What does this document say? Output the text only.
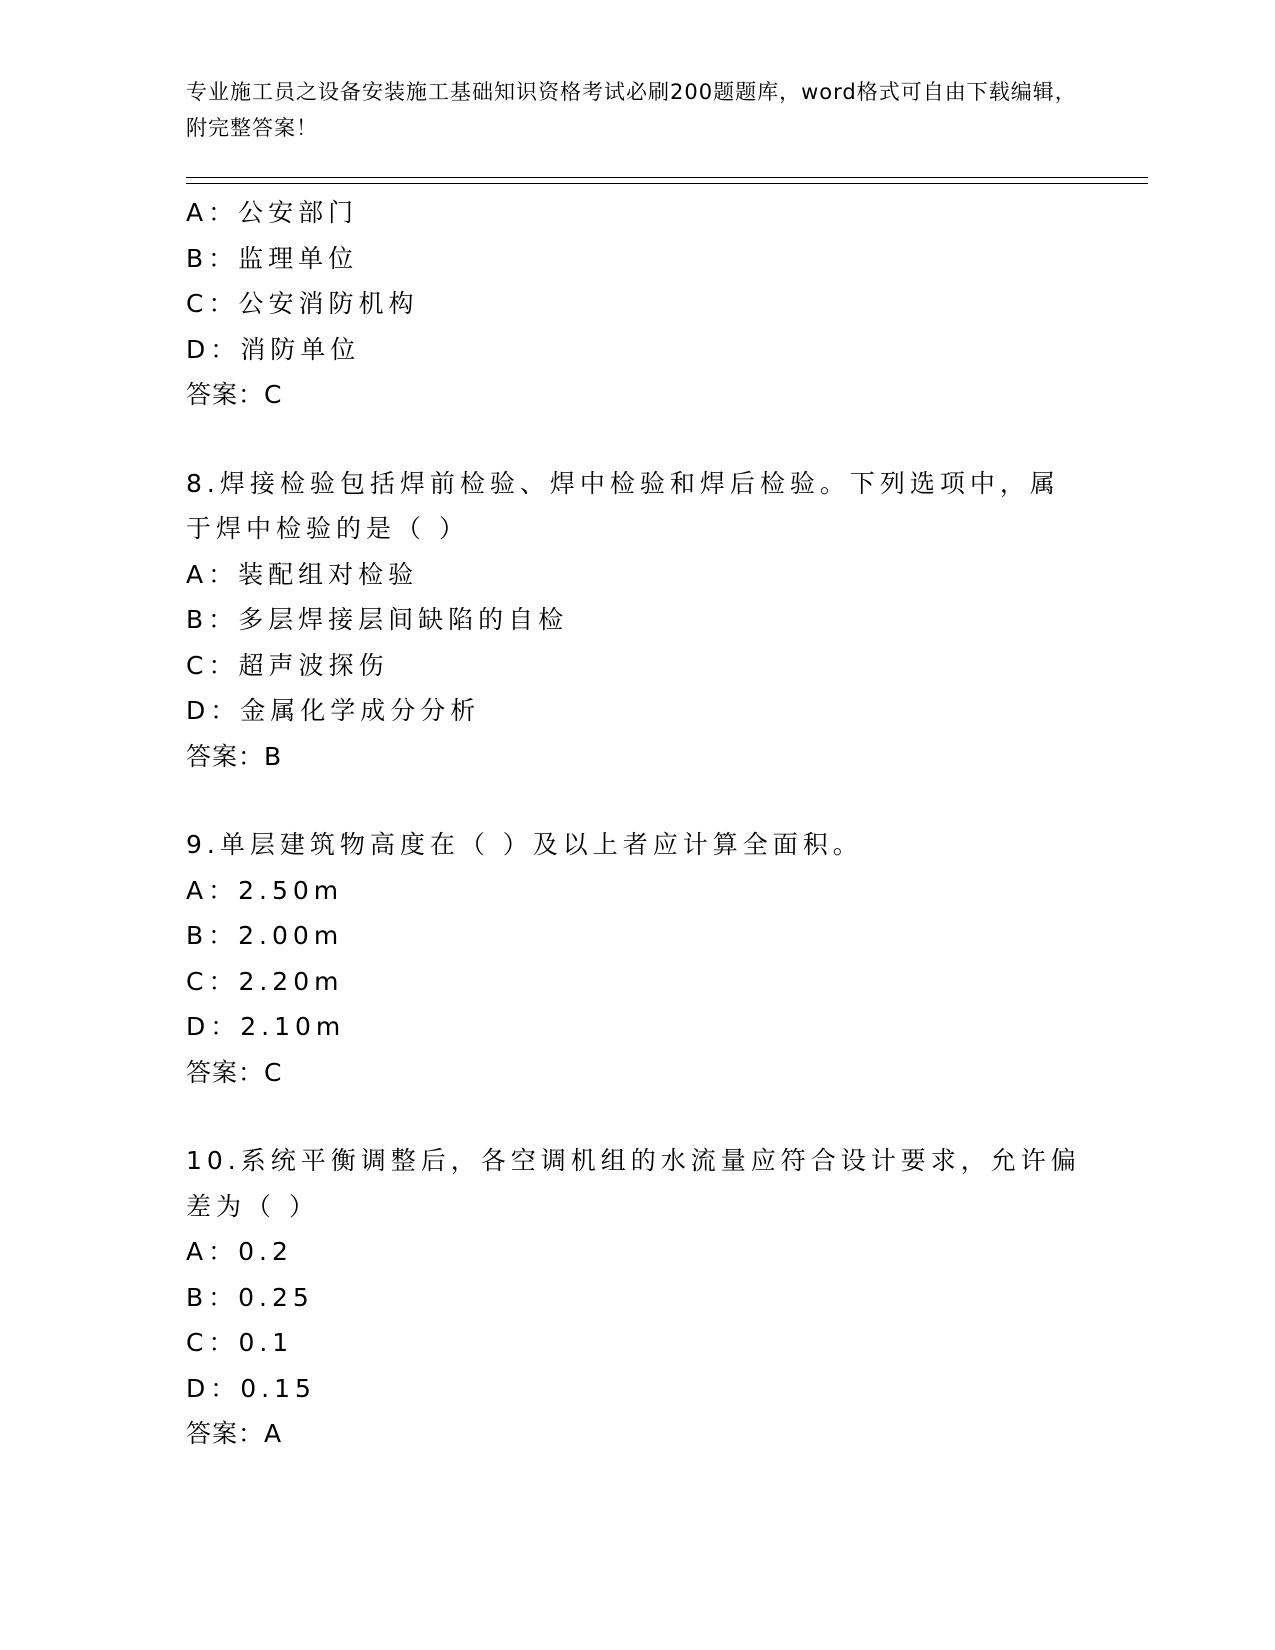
专业施工员之设备安装施工基础知识资格考试必刷200题题库，word格式可自由下载编辑，附完整答案！
A：公安部门
B：监理单位
C：公安消防机构
D：消防单位
答案：C
8.焊接检验包括焊前检验、焊中检验和焊后检验。下列选项中，属于焊中检验的是（ ）
A：装配组对检验
B：多层焊接层间缺陷的自检
C：超声波探伤
D：金属化学成分分析
答案：B
9.单层建筑物高度在（ ）及以上者应计算全面积。
A：2.50m
B：2.00m
C：2.20m
D：2.10m
答案：C
10.系统平衡调整后，各空调机组的水流量应符合设计要求，允许偏差为（ ）
A：0.2
B：0.25
C：0.1
D：0.15
答案：A
